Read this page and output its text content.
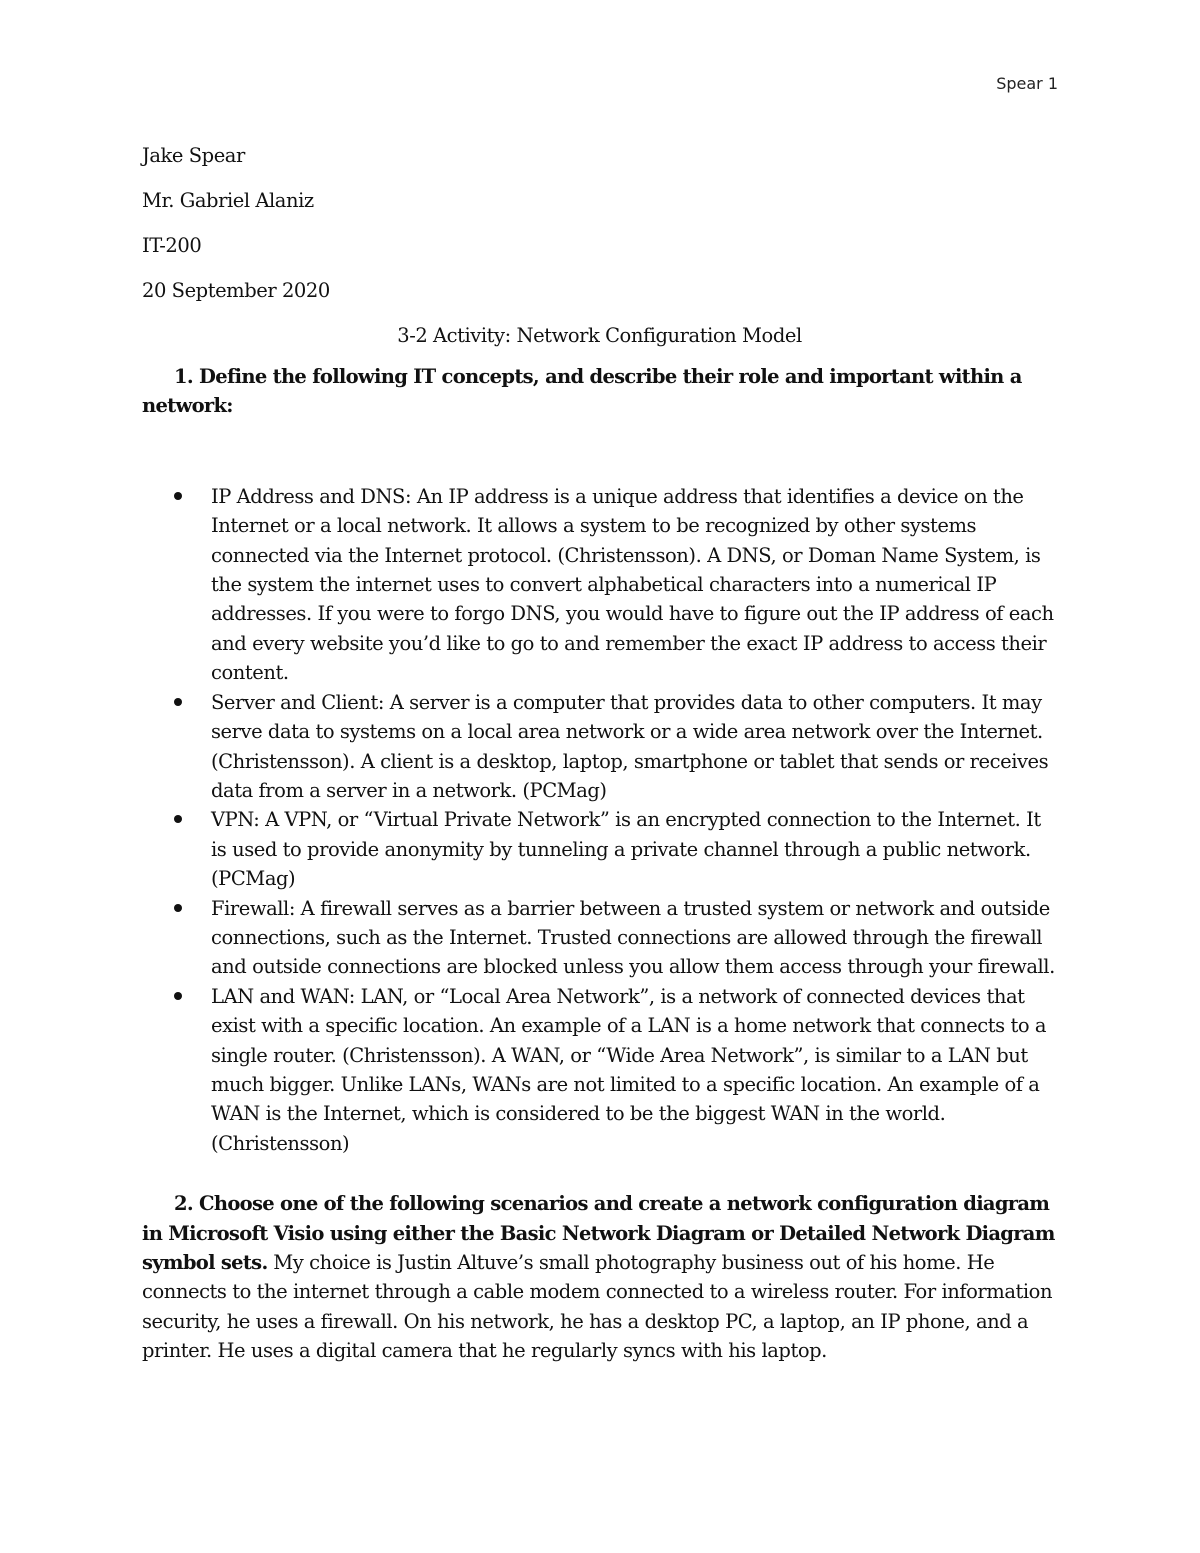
Spear 1

Jake Spear

Mr. Gabriel Alaniz

IT-200

20 September 2020

3-2 Activity: Network Configuration Model

1. Define the following IT concepts, and describe their role and important within a network:

IP Address and DNS: An IP address is a unique address that identifies a device on the Internet or a local network. It allows a system to be recognized by other systems connected via the Internet protocol. (Christensson). A DNS, or Doman Name System, is the system the internet uses to convert alphabetical characters into a numerical IP addresses. If you were to forgo DNS, you would have to figure out the IP address of each and every website you’d like to go to and remember the exact IP address to access their content.
Server and Client: A server is a computer that provides data to other computers. It may serve data to systems on a local area network or a wide area network over the Internet. (Christensson). A client is a desktop, laptop, smartphone or tablet that sends or receives data from a server in a network. (PCMag)
VPN: A VPN, or “Virtual Private Network” is an encrypted connection to the Internet. It is used to provide anonymity by tunneling a private channel through a public network. (PCMag)
Firewall: A firewall serves as a barrier between a trusted system or network and outside connections, such as the Internet. Trusted connections are allowed through the firewall and outside connections are blocked unless you allow them access through your firewall.
LAN and WAN: LAN, or “Local Area Network”, is a network of connected devices that exist with a specific location. An example of a LAN is a home network that connects to a single router. (Christensson). A WAN, or “Wide Area Network”, is similar to a LAN but much bigger. Unlike LANs, WANs are not limited to a specific location. An example of a WAN is the Internet, which is considered to be the biggest WAN in the world. (Christensson)

2. Choose one of the following scenarios and create a network configuration diagram in Microsoft Visio using either the Basic Network Diagram or Detailed Network Diagram symbol sets. My choice is Justin Altuve’s small photography business out of his home. He connects to the internet through a cable modem connected to a wireless router. For information security, he uses a firewall. On his network, he has a desktop PC, a laptop, an IP phone, and a printer. He uses a digital camera that he regularly syncs with his laptop.
